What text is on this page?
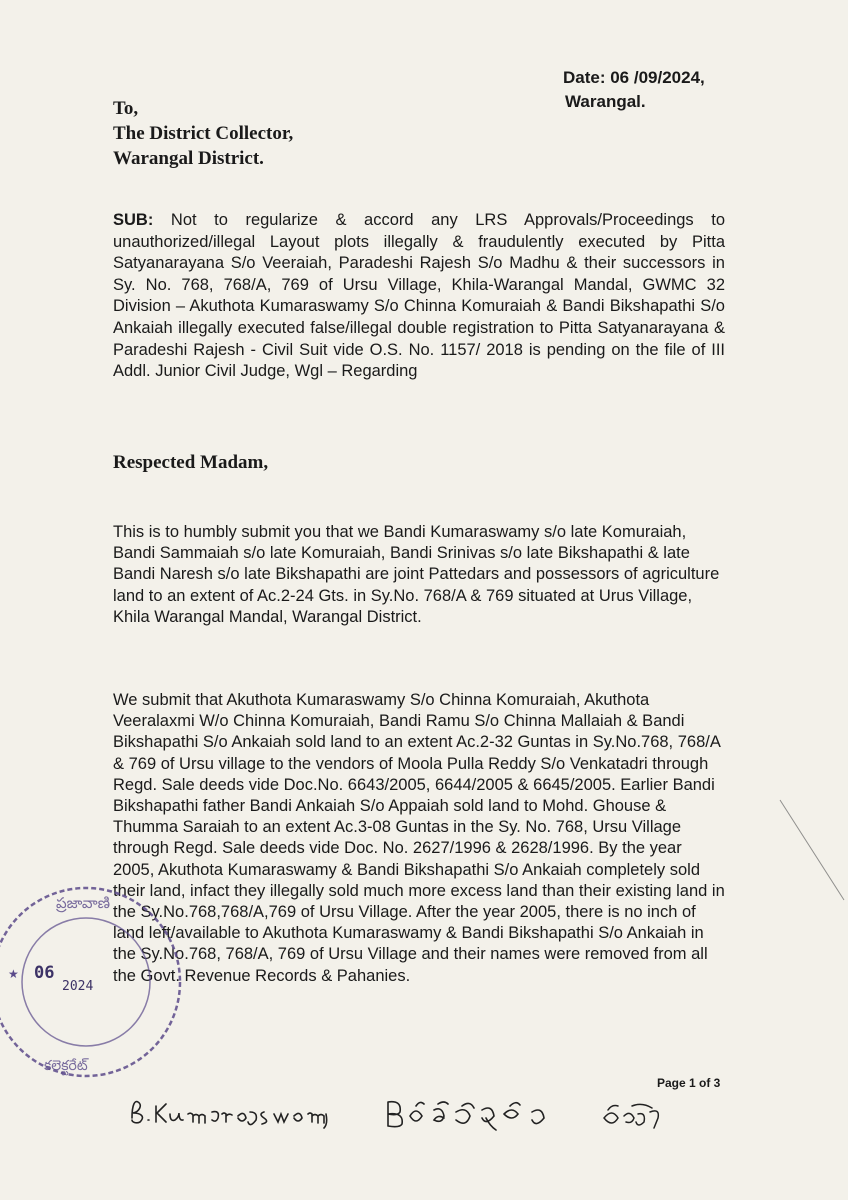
Date: 06 /09/2024,
Warangal.
To,
The District Collector,
Warangal District.
SUB: Not to regularize & accord any LRS Approvals/Proceedings to unauthorized/illegal Layout plots illegally & fraudulently executed by Pitta Satyanarayana S/o Veeraiah, Paradeshi Rajesh S/o Madhu & their successors in Sy. No. 768, 768/A, 769 of Ursu Village, Khila-Warangal Mandal, GWMC 32 Division – Akuthota Kumaraswamy S/o Chinna Komuraiah & Bandi Bikshapathi S/o Ankaiah illegally executed false/illegal double registration to Pitta Satyanarayana & Paradeshi Rajesh - Civil Suit vide O.S. No. 1157/ 2018 is pending on the file of III Addl. Junior Civil Judge, Wgl – Regarding
Respected Madam,
This is to humbly submit you that we Bandi Kumaraswamy s/o late Komuraiah, Bandi Sammaiah s/o late Komuraiah, Bandi Srinivas s/o late Bikshapathi & late Bandi Naresh s/o late Bikshapathi are joint Pattedars and possessors of agriculture land to an extent of Ac.2-24 Gts. in Sy.No. 768/A & 769 situated at Urus Village, Khila Warangal Mandal, Warangal District.
We submit that Akuthota Kumaraswamy S/o Chinna Komuraiah, Akuthota Veeralaxmi W/o Chinna Komuraiah, Bandi Ramu S/o Chinna Mallaiah & Bandi Bikshapathi S/o Ankaiah sold land to an extent Ac.2-32 Guntas in Sy.No.768, 768/A & 769 of Ursu village to the vendors of Moola Pulla Reddy S/o Venkatadri through Regd. Sale deeds vide Doc.No. 6643/2005, 6644/2005 & 6645/2005. Earlier Bandi Bikshapathi father Bandi Ankaiah S/o Appaiah sold land to Mohd. Ghouse & Thumma Saraiah to an extent Ac.3-08 Guntas in the Sy. No. 768, Ursu Village through Regd. Sale deeds vide Doc. No. 2627/1996 & 2628/1996. By the year 2005, Akuthota Kumaraswamy & Bandi Bikshapathi S/o Ankaiah completely sold their land, infact they illegally sold much more excess land than their existing land in the Sy.No.768,768/A,769 of Ursu Village. After the year 2005, there is no inch of land left/available to Akuthota Kumaraswamy & Bandi Bikshapathi S/o Ankaiah in the Sy.No.768, 768/A, 769 of Ursu Village and their names were removed from all the Govt. Revenue Records & Pahanies.
Page 1 of 3
ప్రజావాణి
కలెక్టరేట్
★ 06
2024
